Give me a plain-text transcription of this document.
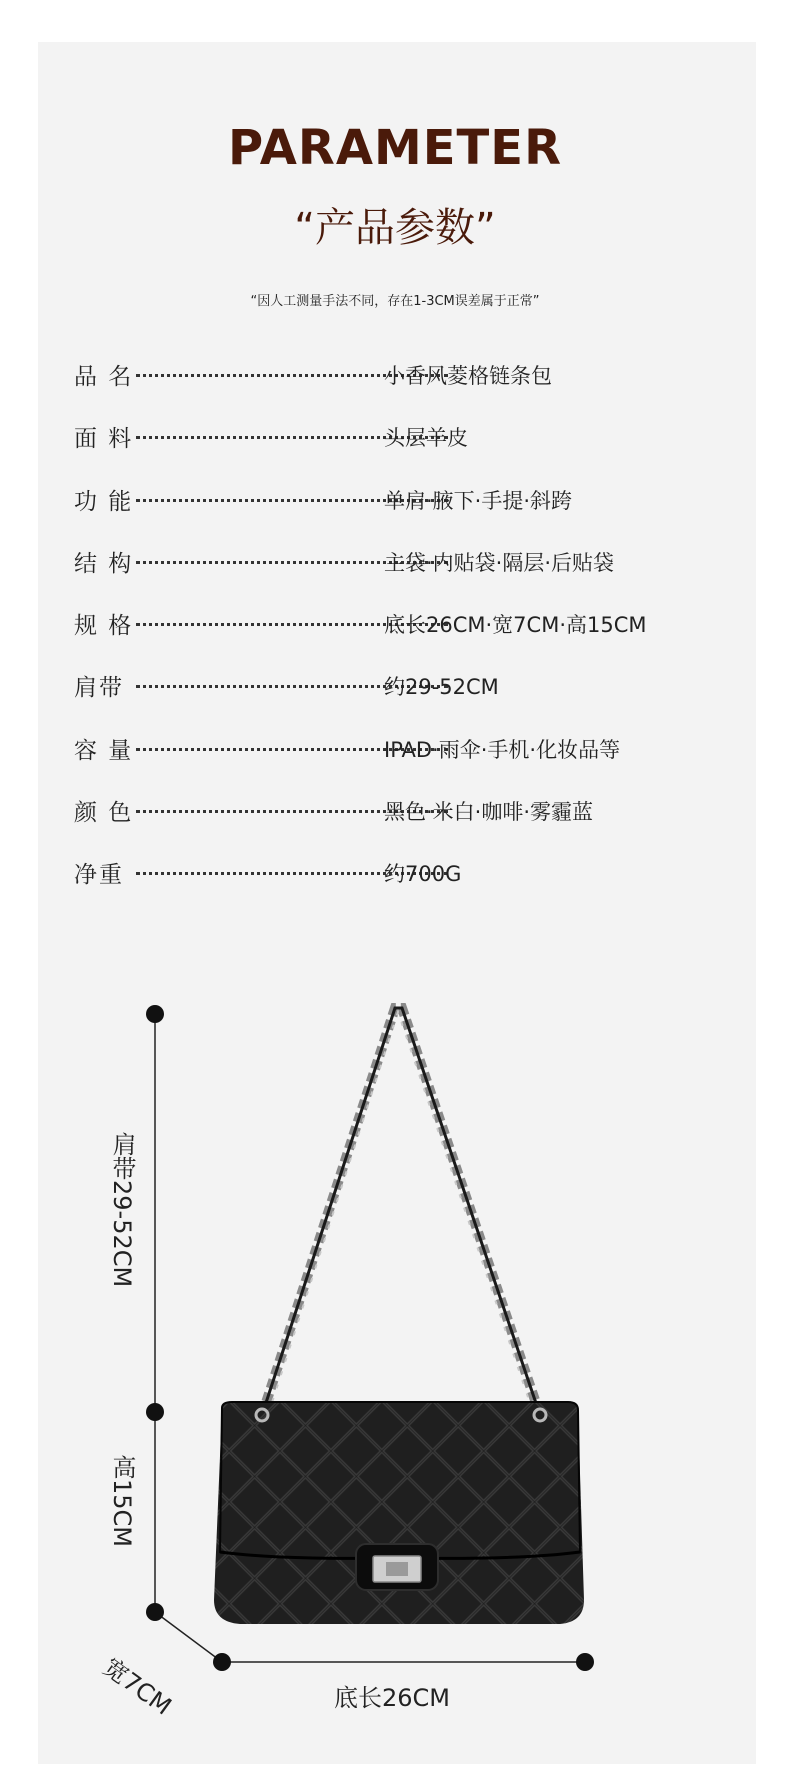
PARAMETER
“产品参数”
“因人工测量手法不同，存在1-3CM误差属于正常”
品 名	小香风菱格链条包
面 料	头层羊皮
功 能	单肩·腋下·手提·斜跨
结 构	主袋·内贴袋·隔层·后贴袋
规 格	底长26CM·宽7CM·高15CM
肩带	约29-52CM
容 量	IPAD·雨伞·手机·化妆品等
颜 色	黑色·米白·咖啡·雾霾蓝
净重	约700G
肩带29-52CM
高15CM
宽7CM	底长26CM
